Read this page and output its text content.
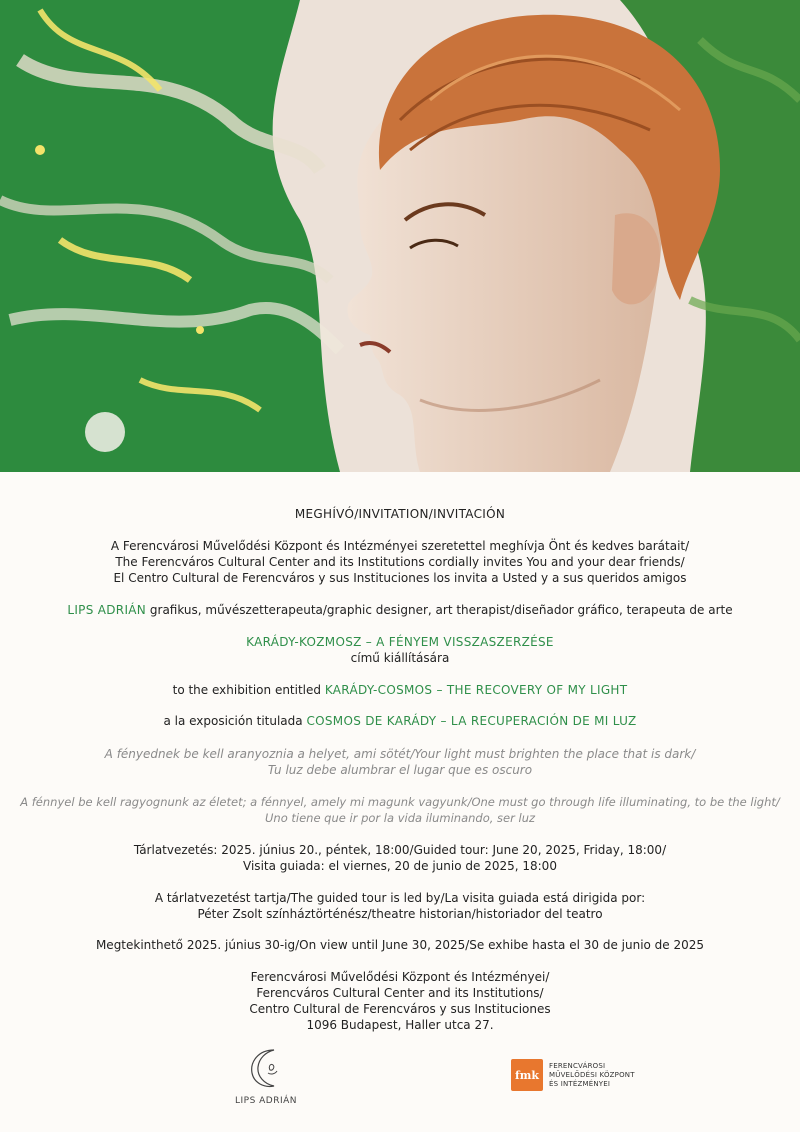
MEGHÍVÓ/INVITATION/INVITACIÓN

A Ferencvárosi Művelődési Központ és Intézményei szeretettel meghívja Önt és kedves barátait/

The Ferencváros Cultural Center and its Institutions cordially invites You and your dear friends/

El Centro Cultural de Ferencváros y sus Instituciones los invita a Usted y a sus queridos amigos

LIPS ADRIÁN grafikus, művészetterapeuta/graphic designer, art therapist/diseñador gráfico, terapeuta de arte

KARÁDY-KOZMOSZ – A FÉNYEM VISSZASZERZÉSE

című kiállítására

to the exhibition entitled KARÁDY-COSMOS – THE RECOVERY OF MY LIGHT

a la exposición titulada COSMOS DE KARÁDY – LA RECUPERACIÓN DE MI LUZ

A fényednek be kell aranyoznia a helyet, ami sötét/Your light must brighten the place that is dark/

Tu luz debe alumbrar el lugar que es oscuro

A fénnyel be kell ragyognunk az életet; a fénnyel, amely mi magunk vagyunk/One must go through life illuminating, to be the light/

Uno tiene que ir por la vida iluminando, ser luz

Tárlatvezetés: 2025. június 20., péntek, 18:00/Guided tour: June 20, 2025, Friday, 18:00/

Visita guiada: el viernes, 20 de junio de 2025, 18:00

A tárlatvezetést tartja/The guided tour is led by/La visita guiada está dirigida por:

Péter Zsolt színháztörténész/theatre historian/historiador del teatro

Megtekinthető 2025. június 30-ig/On view until June 30, 2025/Se exhibe hasta el 30 de junio de 2025

Ferencvárosi Művelődési Központ és Intézményei/

Ferencváros Cultural Center and its Institutions/

Centro Cultural de Ferencváros y sus Instituciones

1096 Budapest, Haller utca 27.

LIPS ADRIÁN
fmk
FERENCVÁROSI
MŰVELŐDÉSI KÖZPONT
ÉS INTÉZMÉNYEI
